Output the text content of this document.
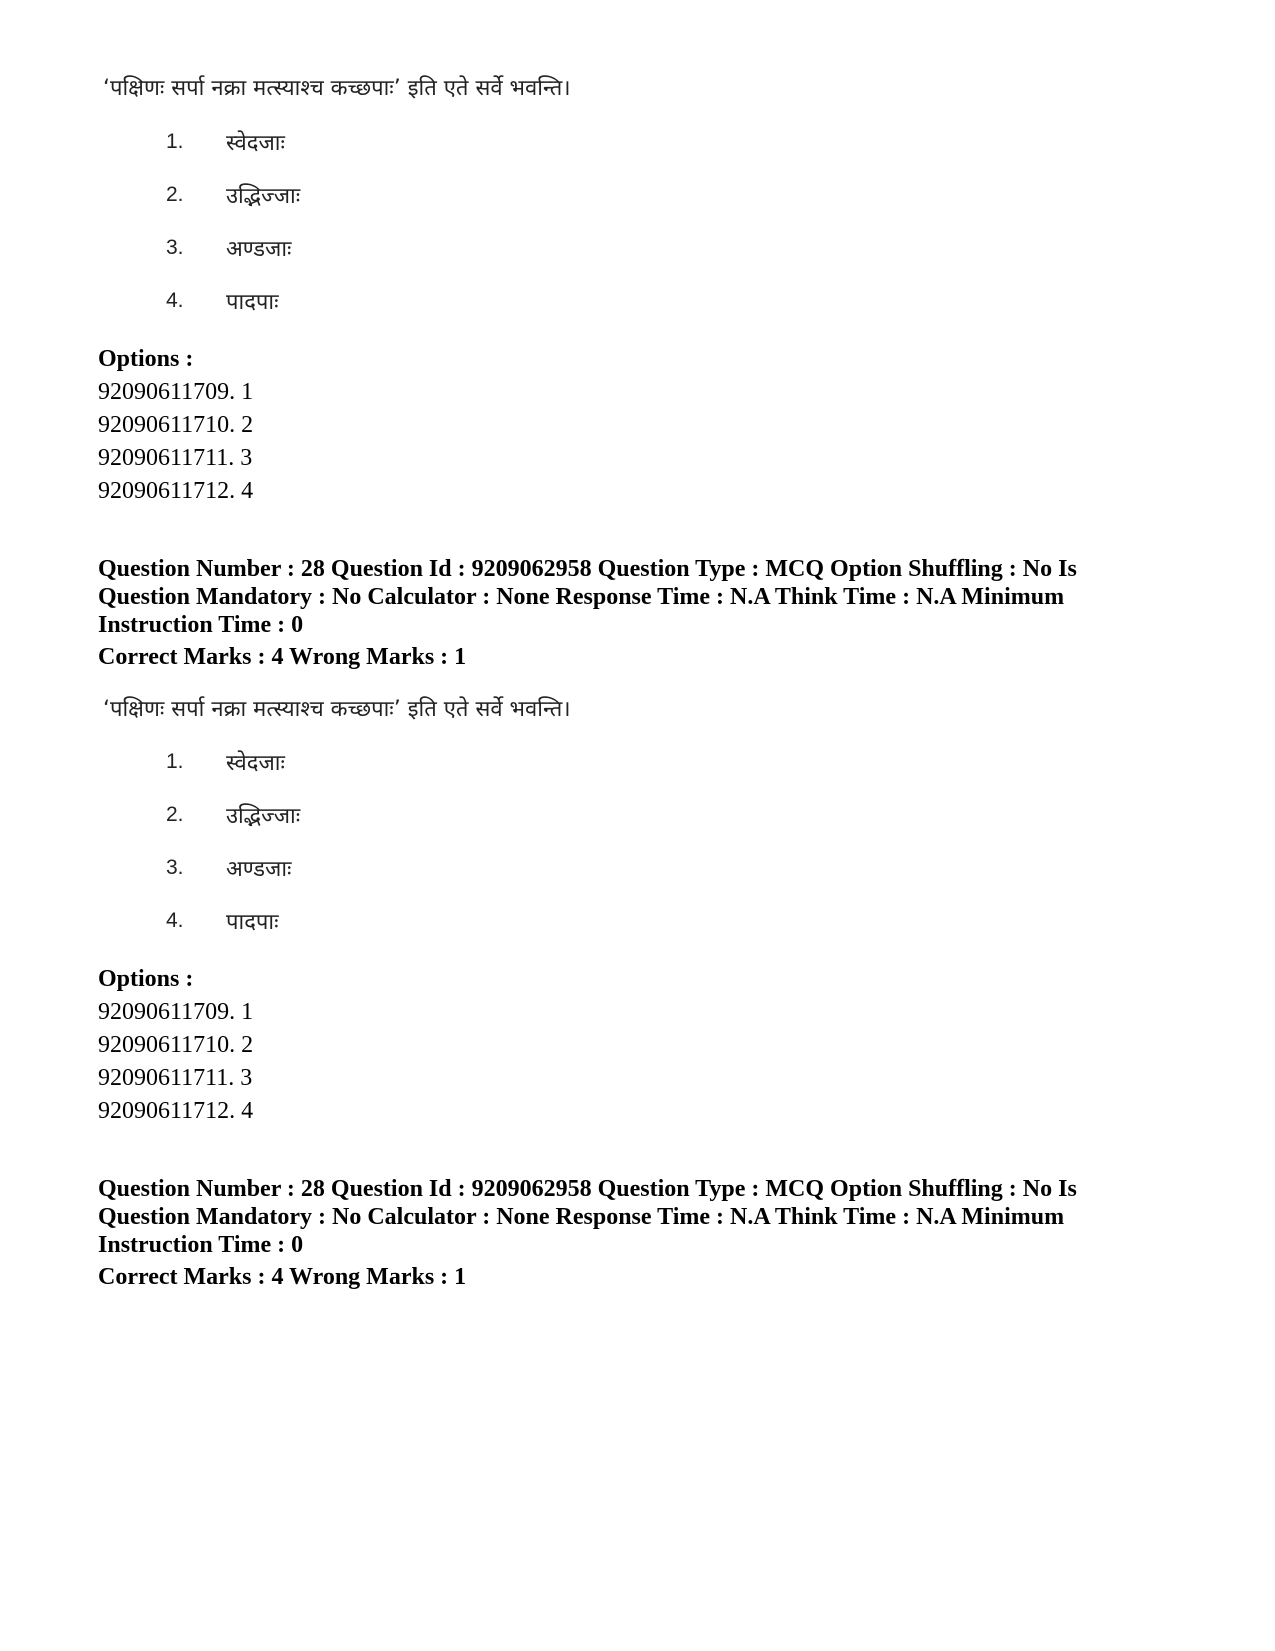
‘पक्षिणः सर्पा नक्रा मत्स्याश्च कच्छपाः’ इति एते सर्वे भवन्ति।
1. स्वेदजाः
2. उद्भिज्जाः
3. अण्डजाः
4. पादपाः
Options :
92090611709. 1
92090611710. 2
92090611711. 3
92090611712. 4
Question Number : 28 Question Id : 9209062958 Question Type : MCQ Option Shuffling : No Is
Question Mandatory : No Calculator : None Response Time : N.A Think Time : N.A Minimum
Instruction Time : 0
Correct Marks : 4 Wrong Marks : 1
‘पक्षिणः सर्पा नक्रा मत्स्याश्च कच्छपाः’ इति एते सर्वे भवन्ति।
1. स्वेदजाः
2. उद्भिज्जाः
3. अण्डजाः
4. पादपाः
Options :
92090611709. 1
92090611710. 2
92090611711. 3
92090611712. 4
Question Number : 28 Question Id : 9209062958 Question Type : MCQ Option Shuffling : No Is
Question Mandatory : No Calculator : None Response Time : N.A Think Time : N.A Minimum
Instruction Time : 0
Correct Marks : 4 Wrong Marks : 1
